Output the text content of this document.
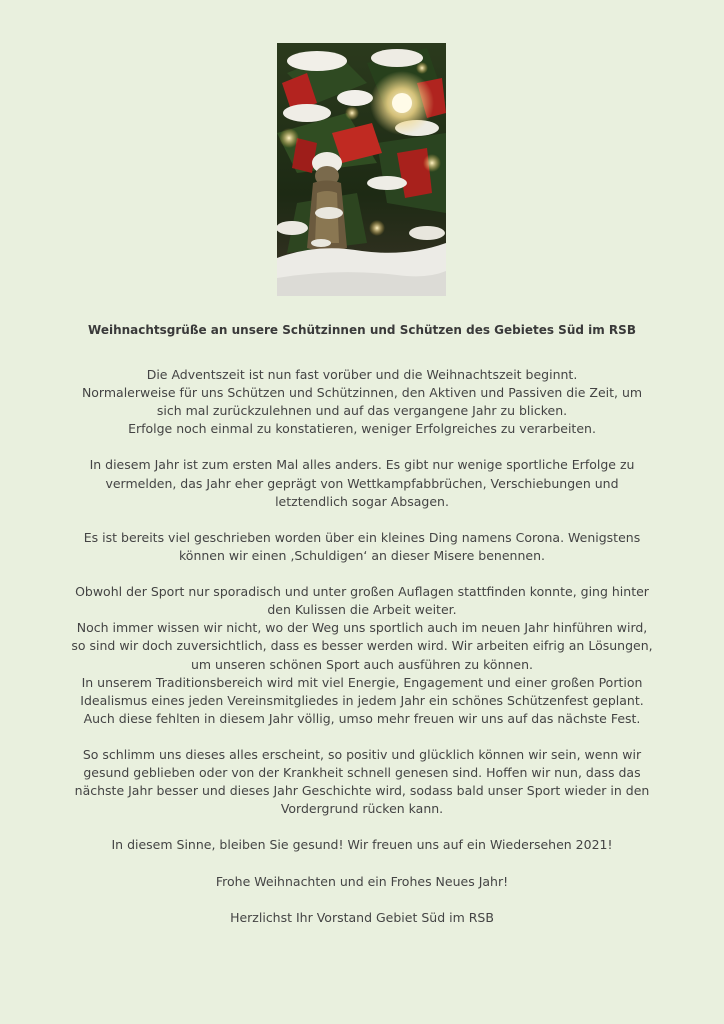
Weihnachtsgrüße an unsere Schützinnen und Schützen des Gebietes Süd im RSB

Die Adventszeit ist nun fast vorüber und die Weihnachtszeit beginnt.
Normalerweise für uns Schützen und Schützinnen, den Aktiven und Passiven die Zeit, um
sich mal zurückzulehnen und auf das vergangene Jahr zu blicken.
Erfolge noch einmal zu konstatieren, weniger Erfolgreiches zu verarbeiten.

In diesem Jahr ist zum ersten Mal alles anders. Es gibt nur wenige sportliche Erfolge zu
vermelden, das Jahr eher geprägt von Wettkampfabbrüchen, Verschiebungen und
letztendlich sogar Absagen.

Es ist bereits viel geschrieben worden über ein kleines Ding namens Corona. Wenigstens
können wir einen ‚Schuldigen‘ an dieser Misere benennen.

Obwohl der Sport nur sporadisch und unter großen Auflagen stattfinden konnte, ging hinter
den Kulissen die Arbeit weiter.
Noch immer wissen wir nicht, wo der Weg uns sportlich auch im neuen Jahr hinführen wird,
so sind wir doch zuversichtlich, dass es besser werden wird. Wir arbeiten eifrig an Lösungen,
um unseren schönen Sport auch ausführen zu können.
In unserem Traditionsbereich wird mit viel Energie, Engagement und einer großen Portion
Idealismus eines jeden Vereinsmitgliedes in jedem Jahr ein schönes Schützenfest geplant.
Auch diese fehlten in diesem Jahr völlig, umso mehr freuen wir uns auf das nächste Fest.

So schlimm uns dieses alles erscheint, so positiv und glücklich können wir sein, wenn wir
gesund geblieben oder von der Krankheit schnell genesen sind. Hoffen wir nun, dass das
nächste Jahr besser und dieses Jahr Geschichte wird, sodass bald unser Sport wieder in den
Vordergrund rücken kann.

In diesem Sinne, bleiben Sie gesund! Wir freuen uns auf ein Wiedersehen 2021!

Frohe Weihnachten und ein Frohes Neues Jahr!

Herzlichst Ihr Vorstand Gebiet Süd im RSB
